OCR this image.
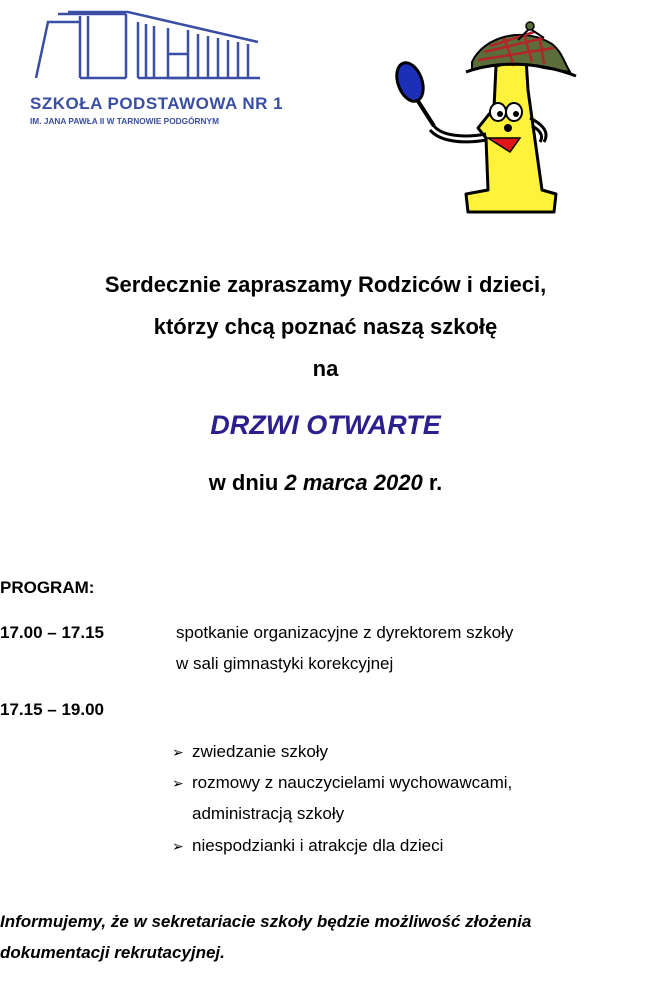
SZKOŁA PODSTAWOWA NR 1
IM. JANA PAWŁA II W TARNOWIE PODGÓRNYM
Serdecznie zapraszamy Rodziców i dzieci,
którzy chcą poznać naszą szkołę
na
DRZWI OTWARTE
w dniu 2 marca 2020 r.
PROGRAM:
17.00 – 17.15	spotkanie organizacyjne z dyrektorem szkoły
w sali gimnastyki korekcyjnej
17.15 – 19.00
➢ zwiedzanie szkoły
➢ rozmowy z nauczycielami wychowawcami,
administracją szkoły
➢ niespodzianki i atrakcje dla dzieci
Informujemy, że w sekretariacie szkoły będzie możliwość złożenia
dokumentacji rekrutacyjnej.
